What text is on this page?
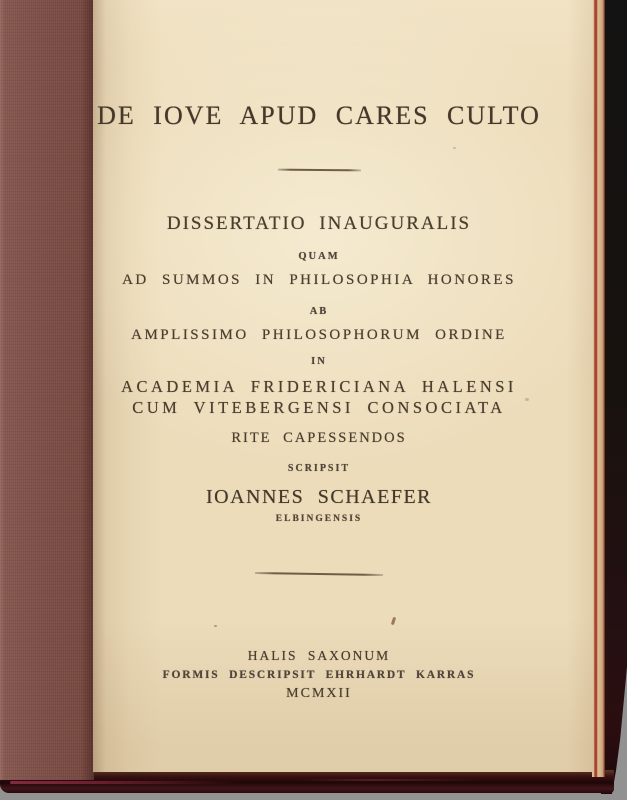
DE IOVE APUD CARES CULTO
DISSERTATIO INAUGURALIS
QUAM
AD SUMMOS IN PHILOSOPHIA HONORES
AB
AMPLISSIMO PHILOSOPHORUM ORDINE
IN
ACADEMIA FRIDERICIANA HALENSI
CUM VITEBERGENSI CONSOCIATA
RITE CAPESSENDOS
SCRIPSIT
IOANNES SCHAEFER
ELBINGENSIS
HALIS SAXONUM
FORMIS DESCRIPSIT EHRHARDT KARRAS
MCMXII
